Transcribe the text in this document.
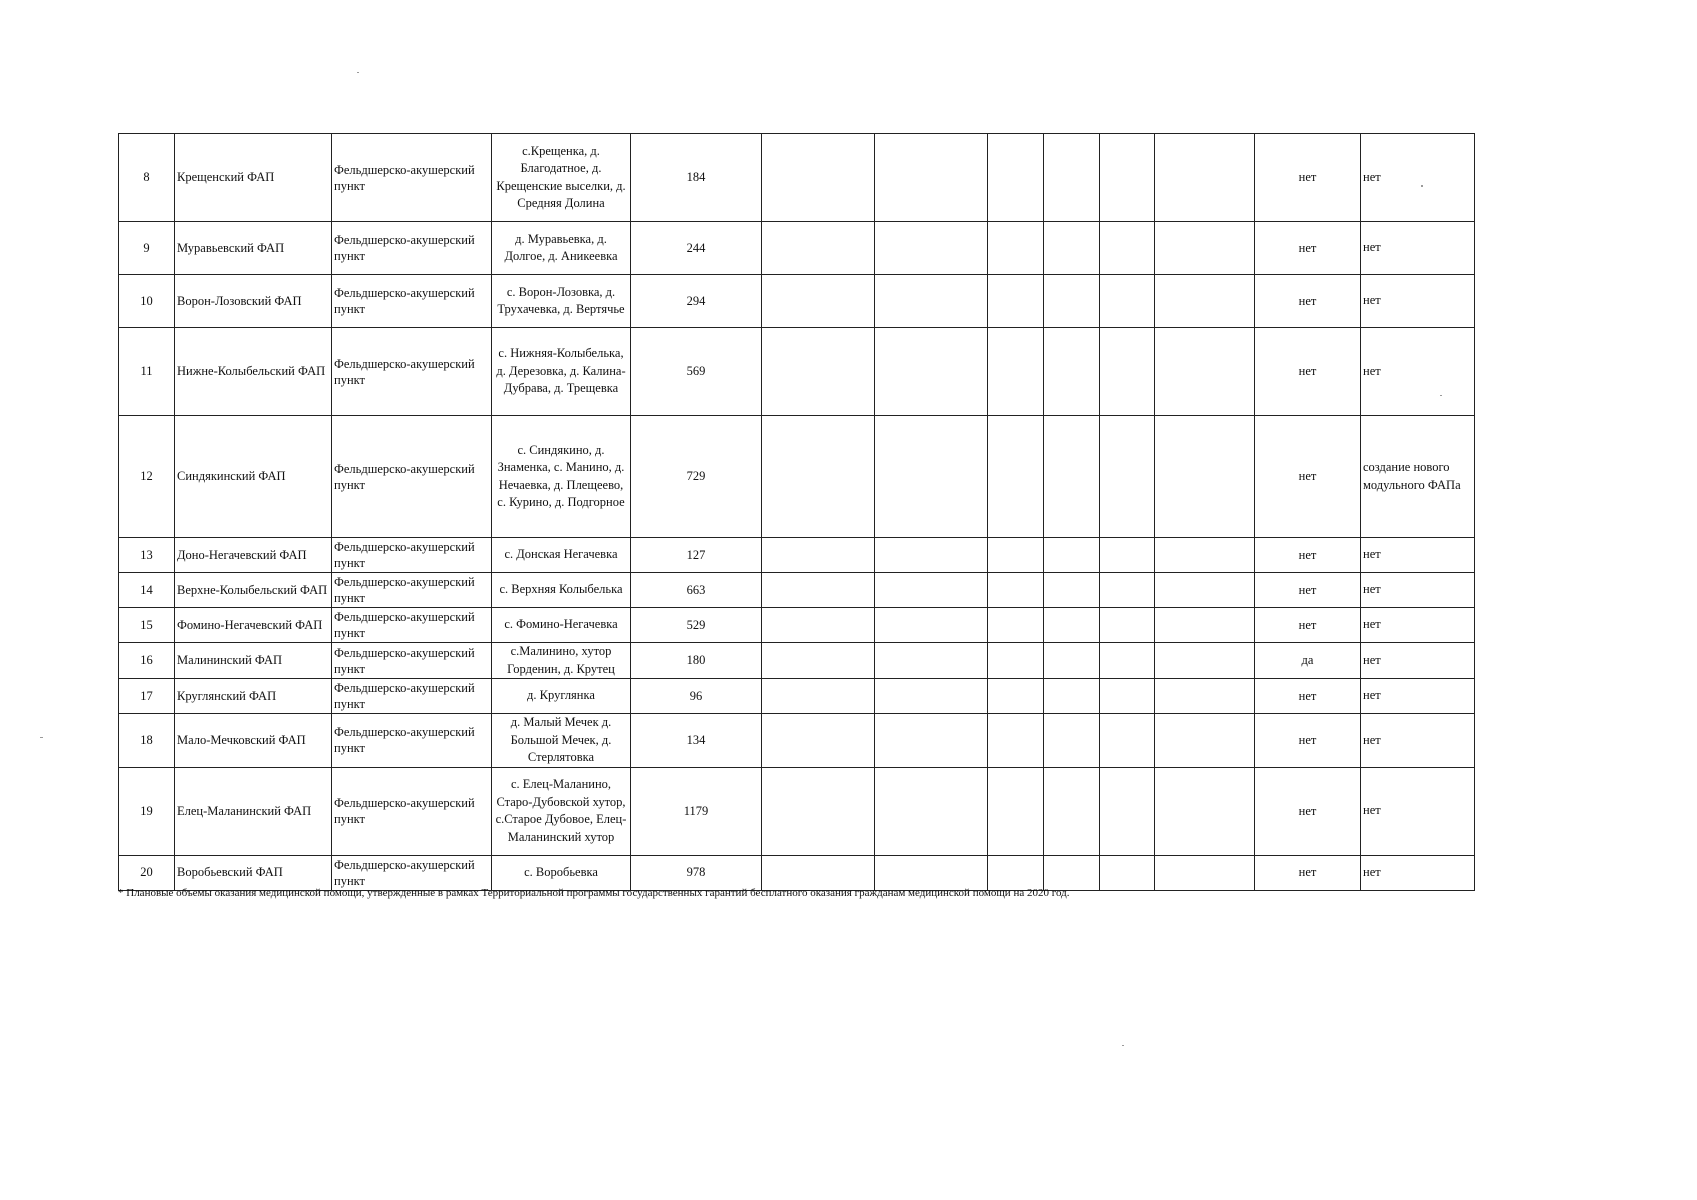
8	Крещенский ФАП	Фельдшерско-акушерский пункт	с.Крещенка, д. Благодатное, д. Крещенские выселки, д. Средняя Долина	184							нет	нет
9	Муравьевский ФАП	Фельдшерско-акушерский пункт	д. Муравьевка, д. Долгое, д. Аникеевка	244							нет	нет
10	Ворон-Лозовский ФАП	Фельдшерско-акушерский пункт	с. Ворон-Лозовка, д. Трухачевка, д. Вертячье	294							нет	нет
11	Нижне-Колыбельский ФАП	Фельдшерско-акушерский пункт	с. Нижняя-Колыбелька, д. Дерезовка, д. Калина-Дубрава, д. Трещевка	569							нет	нет
12	Синдякинский ФАП	Фельдшерско-акушерский пункт	с. Синдякино, д. Знаменка, с. Манино, д. Нечаевка, д. Плещеево, с. Курино, д. Подгорное	729							нет	создание нового модульного ФАПа
13	Доно-Негачевский ФАП	Фельдшерско-акушерский пункт	с. Донская Негачевка	127							нет	нет
14	Верхне-Колыбельский ФАП	Фельдшерско-акушерский пункт	с. Верхняя Колыбелька	663							нет	нет
15	Фомино-Негачевский ФАП	Фельдшерско-акушерский пункт	с. Фомино-Негачевка	529							нет	нет
16	Малининский ФАП	Фельдшерско-акушерский пункт	с.Малинино, хутор Горденин, д. Крутец	180							да	нет
17	Круглянский ФАП	Фельдшерско-акушерский пункт	д. Круглянка	96							нет	нет
18	Мало-Мечковский ФАП	Фельдшерско-акушерский пункт	д. Малый Мечек д. Большой Мечек, д. Стерлятовка	134							нет	нет
19	Елец-Маланинский ФАП	Фельдшерско-акушерский пункт	с. Елец-Маланино, Старо-Дубовской хутор, с.Старое Дубовое, Елец-Маланинский хутор	1179							нет	нет
20	Воробьевский ФАП	Фельдшерско-акушерский пункт	с. Воробьевка	978							нет	нет
* Плановые объемы оказания медицинской помощи, утвержденные в рамках Территориальной программы государственных гарантий бесплатного оказания гражданам медицинской помощи на 2020 год.
